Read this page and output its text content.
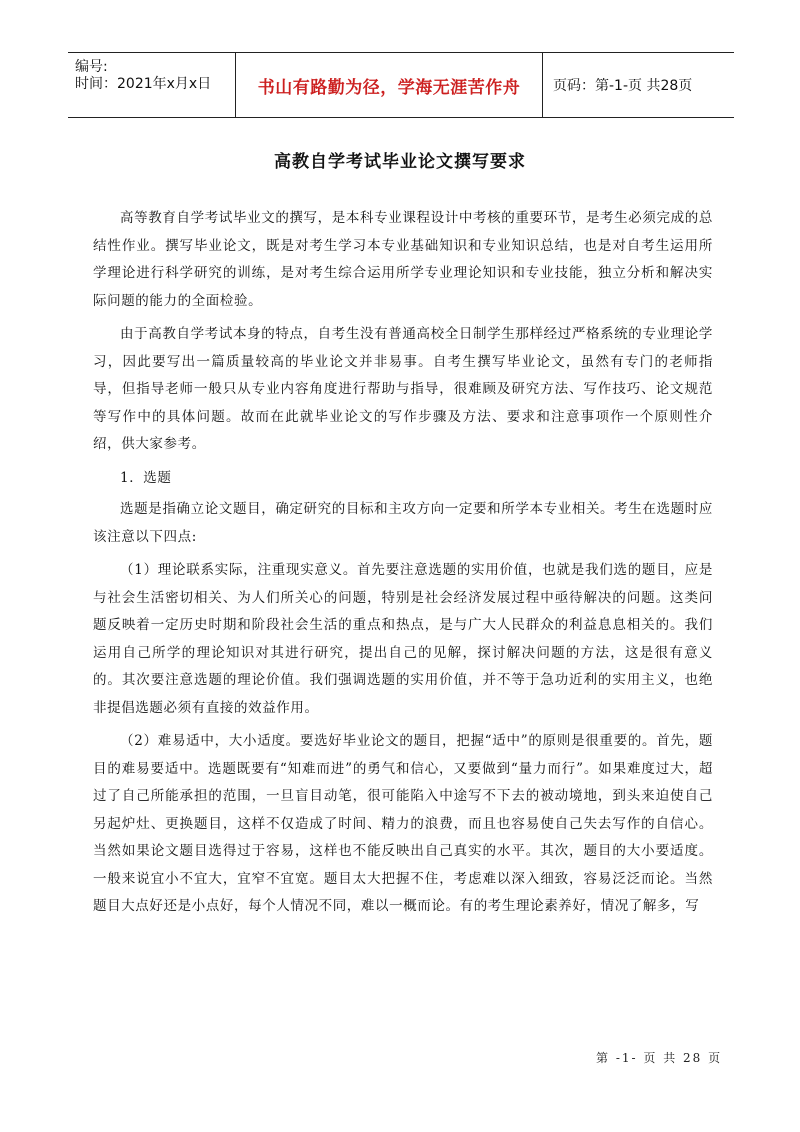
编号:
时间：2021年x月x日	书山有路勤为径，学海无涯苦作舟 页码：第-1-页 共28页
高教自学考试毕业论文撰写要求

高等教育自学考试毕业文的撰写，是本科专业课程设计中考核的重要环节，是考生必须完成的总结性作业。撰写毕业论文，既是对考生学习本专业基础知识和专业知识总结，也是对自考生运用所学理论进行科学研究的训练，是对考生综合运用所学专业理论知识和专业技能，独立分析和解决实际问题的能力的全面检验。

由于高教自学考试本身的特点，自考生没有普通高校全日制学生那样经过严格系统的专业理论学习，因此要写出一篇质量较高的毕业论文并非易事。自考生撰写毕业论文，虽然有专门的老师指导，但指导老师一般只从专业内容角度进行帮助与指导，很难顾及研究方法、写作技巧、论文规范等写作中的具体问题。故而在此就毕业论文的写作步骤及方法、要求和注意事项作一个原则性介绍，供大家参考。

1．选题

选题是指确立论文题目，确定研究的目标和主攻方向一定要和所学本专业相关。考生在选题时应该注意以下四点:

（1）理论联系实际，注重现实意义。首先要注意选题的实用价值，也就是我们选的题目，应是与社会生活密切相关、为人们所关心的问题，特别是社会经济发展过程中亟待解决的问题。这类问题反映着一定历史时期和阶段社会生活的重点和热点，是与广大人民群众的利益息息相关的。我们运用自己所学的理论知识对其进行研究，提出自己的见解，探讨解决问题的方法，这是很有意义的。其次要注意选题的理论价值。我们强调选题的实用价值，并不等于急功近利的实用主义，也绝非提倡选题必须有直接的效益作用。

（2）难易适中，大小适度。要选好毕业论文的题目，把握“适中”的原则是很重要的。首先，题目的难易要适中。选题既要有“知难而进”的勇气和信心，又要做到“量力而行”。如果难度过大，超过了自己所能承担的范围，一旦盲目动笔，很可能陷入中途写不下去的被动境地，到头来迫使自己另起炉灶、更换题目，这样不仅造成了时间、精力的浪费，而且也容易使自己失去写作的自信心。当然如果论文题目选得过于容易，这样也不能反映出自己真实的水平。其次，题目的大小要适度。一般来说宜小不宜大，宜窄不宜宽。题目太大把握不住，考虑难以深入细致，容易泛泛而论。当然题目大点好还是小点好，每个人情况不同，难以一概而论。有的考生理论素养好，情况了解多，写

第 -1- 页 共 28 页
